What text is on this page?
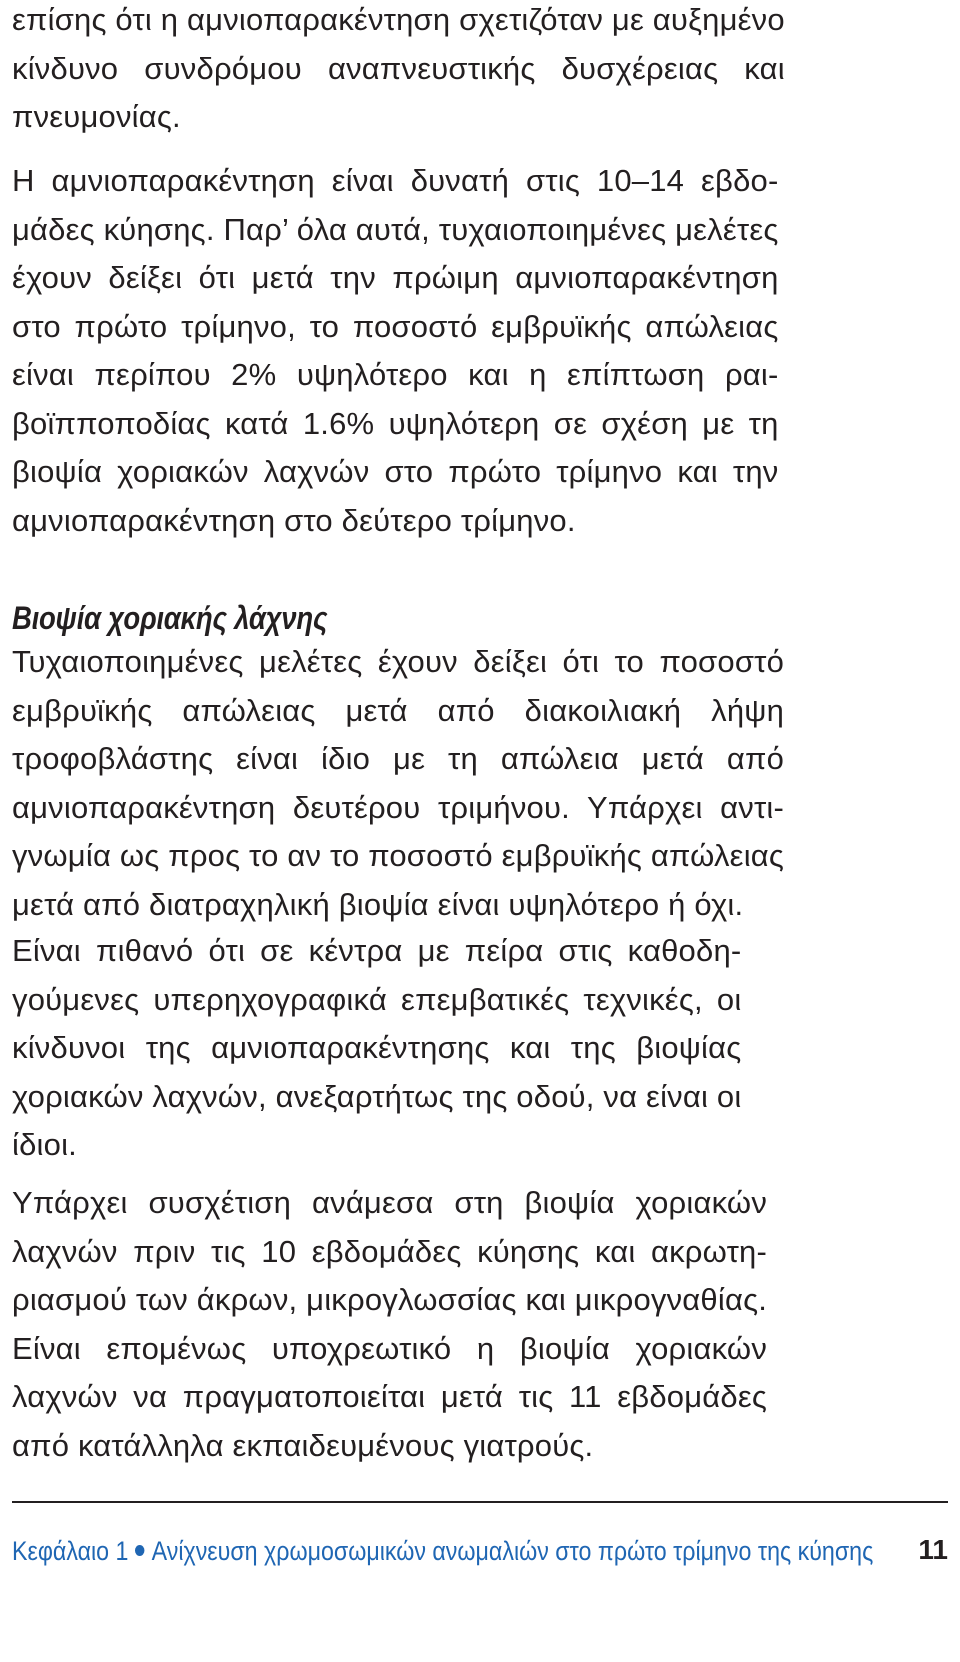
επίσης ότι η αμνιοπαρακέντηση σχετιζόταν με αυξημένο
κίνδυνο συνδρόμου αναπνευστικής δυσχέρειας και
πνευμονίας.
Η αμνιοπαρακέντηση είναι δυνατή στις 10–14 εβδο-
μάδες κύησης. Παρ’ όλα αυτά, τυχαιοποιημένες μελέτες
έχουν δείξει ότι μετά την πρώιμη αμνιοπαρακέντηση
στο πρώτο τρίμηνο, το ποσοστό εμβρυϊκής απώλειας
είναι περίπου 2% υψηλότερο και η επίπτωση ραι-
βοϊπποποδίας κατά 1.6% υψηλότερη σε σχέση με τη
βιοψία χοριακών λαχνών στο πρώτο τρίμηνο και την
αμνιοπαρακέντηση στο δεύτερο τρίμηνο.
Βιοψία χοριακής λάχνης
Τυχαιοποιημένες μελέτες έχουν δείξει ότι το ποσοστό
εμβρυϊκής απώλειας μετά από διακοιλιακή λήψη
τροφοβλάστης είναι ίδιο με τη απώλεια μετά από
αμνιοπαρακέντηση δευτέρου τριμήνου. Υπάρχει αντι-
γνωμία ως προς το αν το ποσοστό εμβρυϊκής απώλειας
μετά από διατραχηλική βιοψία είναι υψηλότερο ή όχι.
Είναι πιθανό ότι σε κέντρα με πείρα στις καθοδη-
γούμενες υπερηχογραφικά επεμβατικές τεχνικές, οι
κίνδυνοι της αμνιοπαρακέντησης και της βιοψίας
χοριακών λαχνών, ανεξαρτήτως της οδού, να είναι οι
ίδιοι.
Υπάρχει συσχέτιση ανάμεσα στη βιοψία χοριακών
λαχνών πριν τις 10 εβδομάδες κύησης και ακρωτη-
ριασμού των άκρων, μικρογλωσσίας και μικρογναθίας.
Είναι επομένως υποχρεωτικό η βιοψία χοριακών
λαχνών να πραγματοποιείται μετά τις 11 εβδομάδες
από κατάλληλα εκπαιδευμένους γιατρούς.
Κεφάλαιο 1 Ανίχνευση χρωμοσωμικών ανωμαλιών στο πρώτο τρίμηνο της κύησης 11
